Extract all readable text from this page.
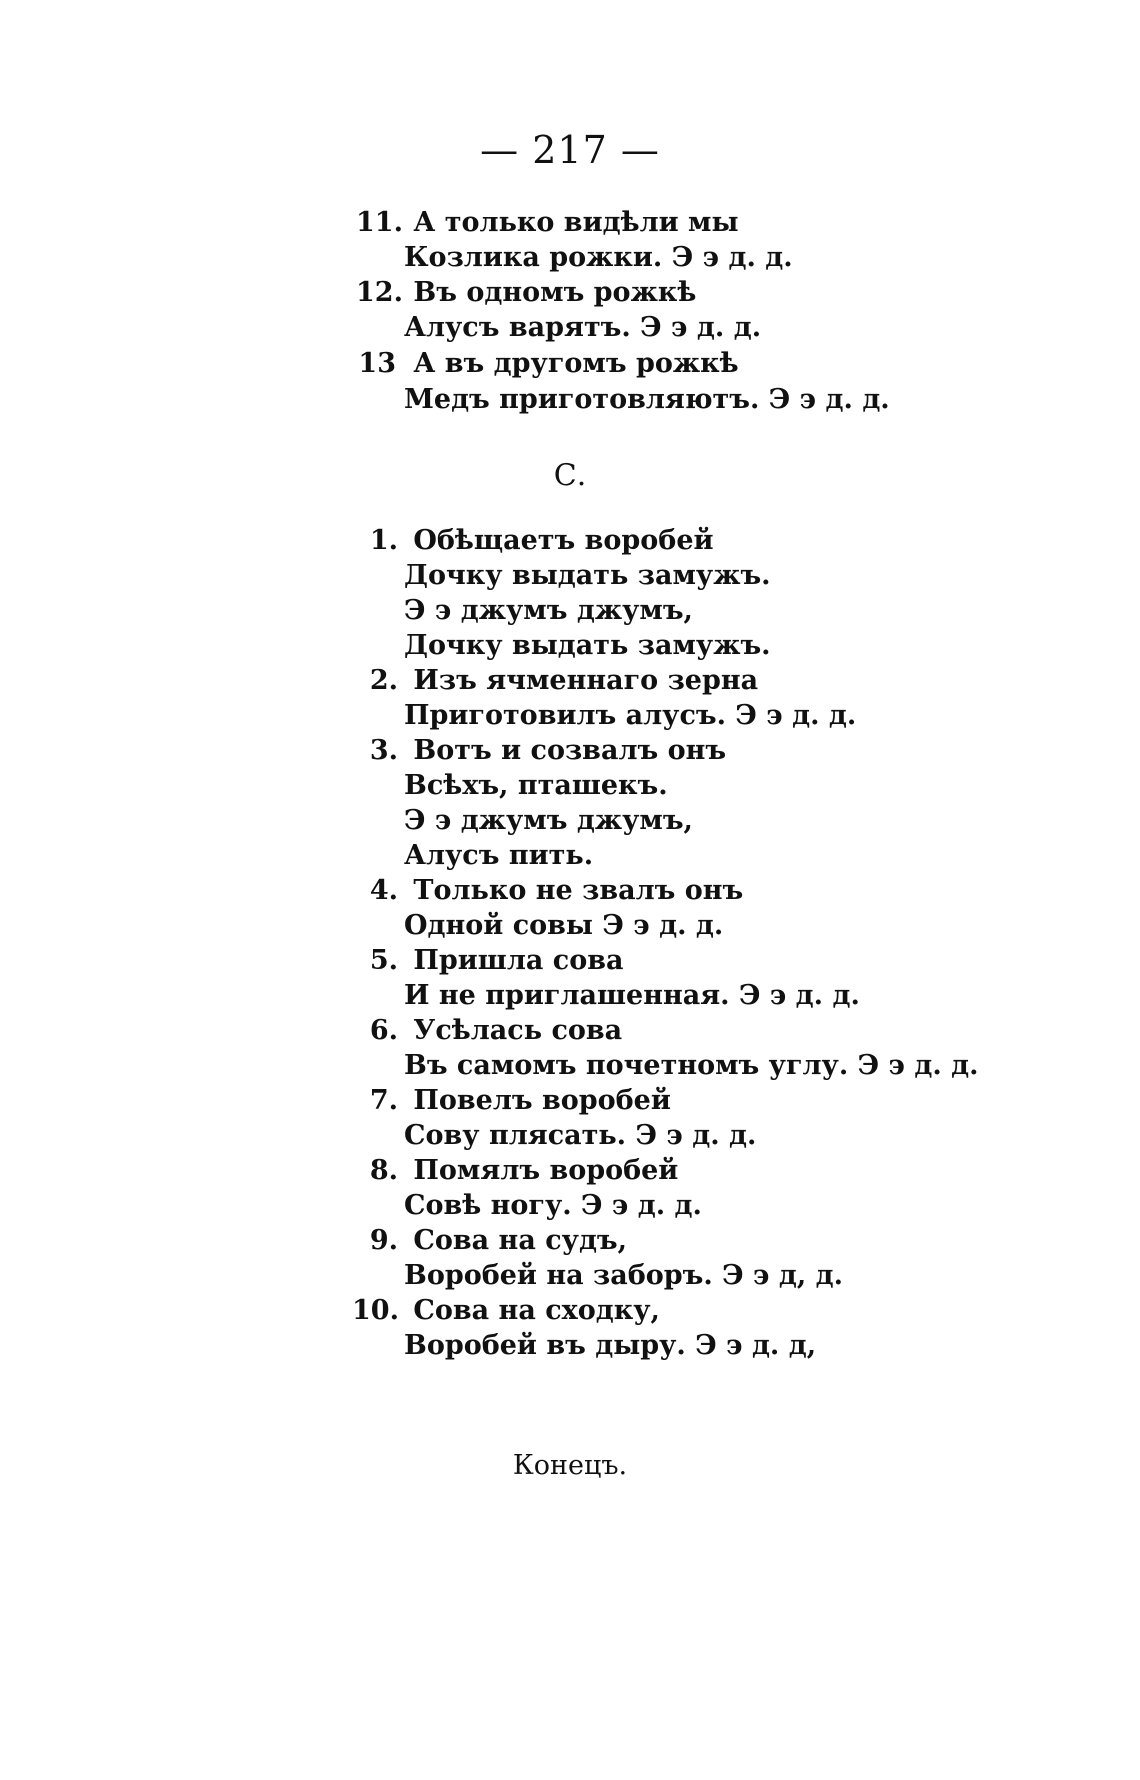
— 217 —
11. А только видѣли мы
Козлика рожки. Э э д. д.
12. Въ одномъ рожкѣ
Алусъ варятъ. Э э д. д.
13 А въ другомъ рожкѣ
Медъ приготовляютъ. Э э д. д.
С.
1. Обѣщаетъ воробей
Дочку выдать замужъ.
Э э джумъ джумъ,
Дочку выдать замужъ.
2. Изъ ячменнаго зерна
Приготовилъ алусъ. Э э д. д.
3. Вотъ и созвалъ онъ
Всѣхъ, пташекъ.
Э э джумъ джумъ,
Алусъ пить.
4. Только не звалъ онъ
Одной совы Э э д. д.
5. Пришла сова
И не приглашенная. Э э д. д.
6. Усѣлась сова
Въ самомъ почетномъ углу. Э э д. д.
7. Повелъ воробей
Сову плясать. Э э д. д.
8. Помялъ воробей
Совѣ ногу. Э э д. д.
9. Сова на судъ,
Воробей на заборъ. Э э д, д.
10. Сова на сходку,
Воробей въ дыру. Э э д. д,
Конецъ.
